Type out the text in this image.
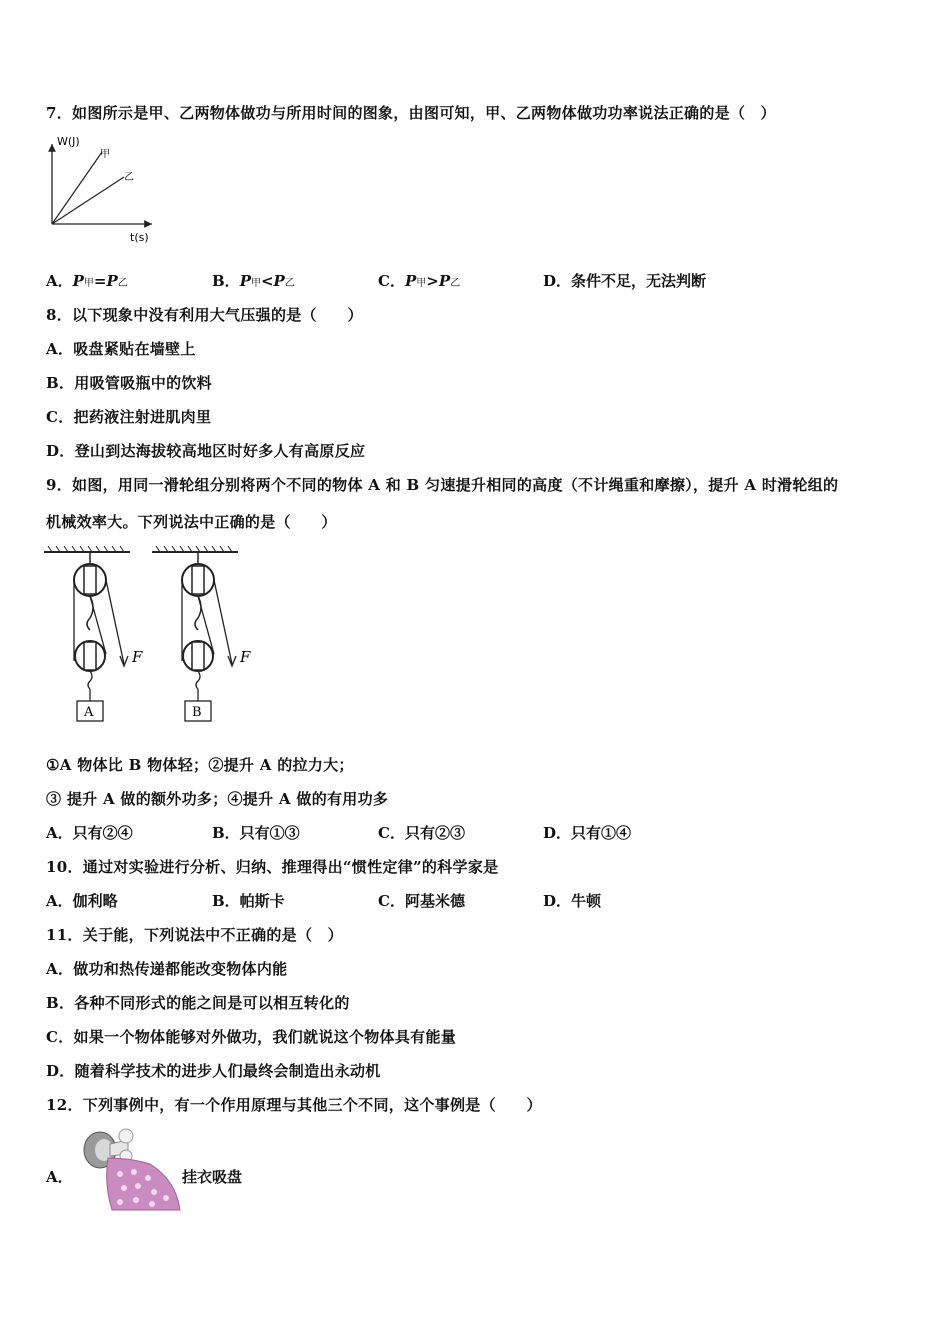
7．如图所示是甲、乙两物体做功与所用时间的图象，由图可知，甲、乙两物体做功功率说法正确的是（　）
W(J)
t(s)
甲
乙
A．P甲=P乙	B．P甲<P乙	C．P甲>P乙	D．条件不足，无法判断
8．以下现象中没有利用大气压强的是（　　）
A．吸盘紧贴在墙壁上
B．用吸管吸瓶中的饮料
C．把药液注射进肌肉里
D．登山到达海拔较高地区时好多人有高原反应
9．如图，用同一滑轮组分别将两个不同的物体 A 和 B 匀速提升相同的高度（不计绳重和摩擦），提升 A 时滑轮组的
机械效率大。下列说法中正确的是（　　）
F
A
F
B
①A 物体比 B 物体轻；②提升 A 的拉力大；
③ 提升 A 做的额外功多；④提升 A 做的有用功多
A．只有②④	B．只有①③	C．只有②③	D．只有①④
10．通过对实验进行分析、归纳、推理得出“惯性定律”的科学家是
A．伽利略	B．帕斯卡	C．阿基米德	D．牛顿
11．关于能，下列说法中不正确的是（　）
A．做功和热传递都能改变物体内能
B．各种不同形式的能之间是可以相互转化的
C．如果一个物体能够对外做功，我们就说这个物体具有能量
D．随着科学技术的进步人们最终会制造出永动机
12．下列事例中，有一个作用原理与其他三个不同，这个事例是（　　）
A．	挂衣吸盘
